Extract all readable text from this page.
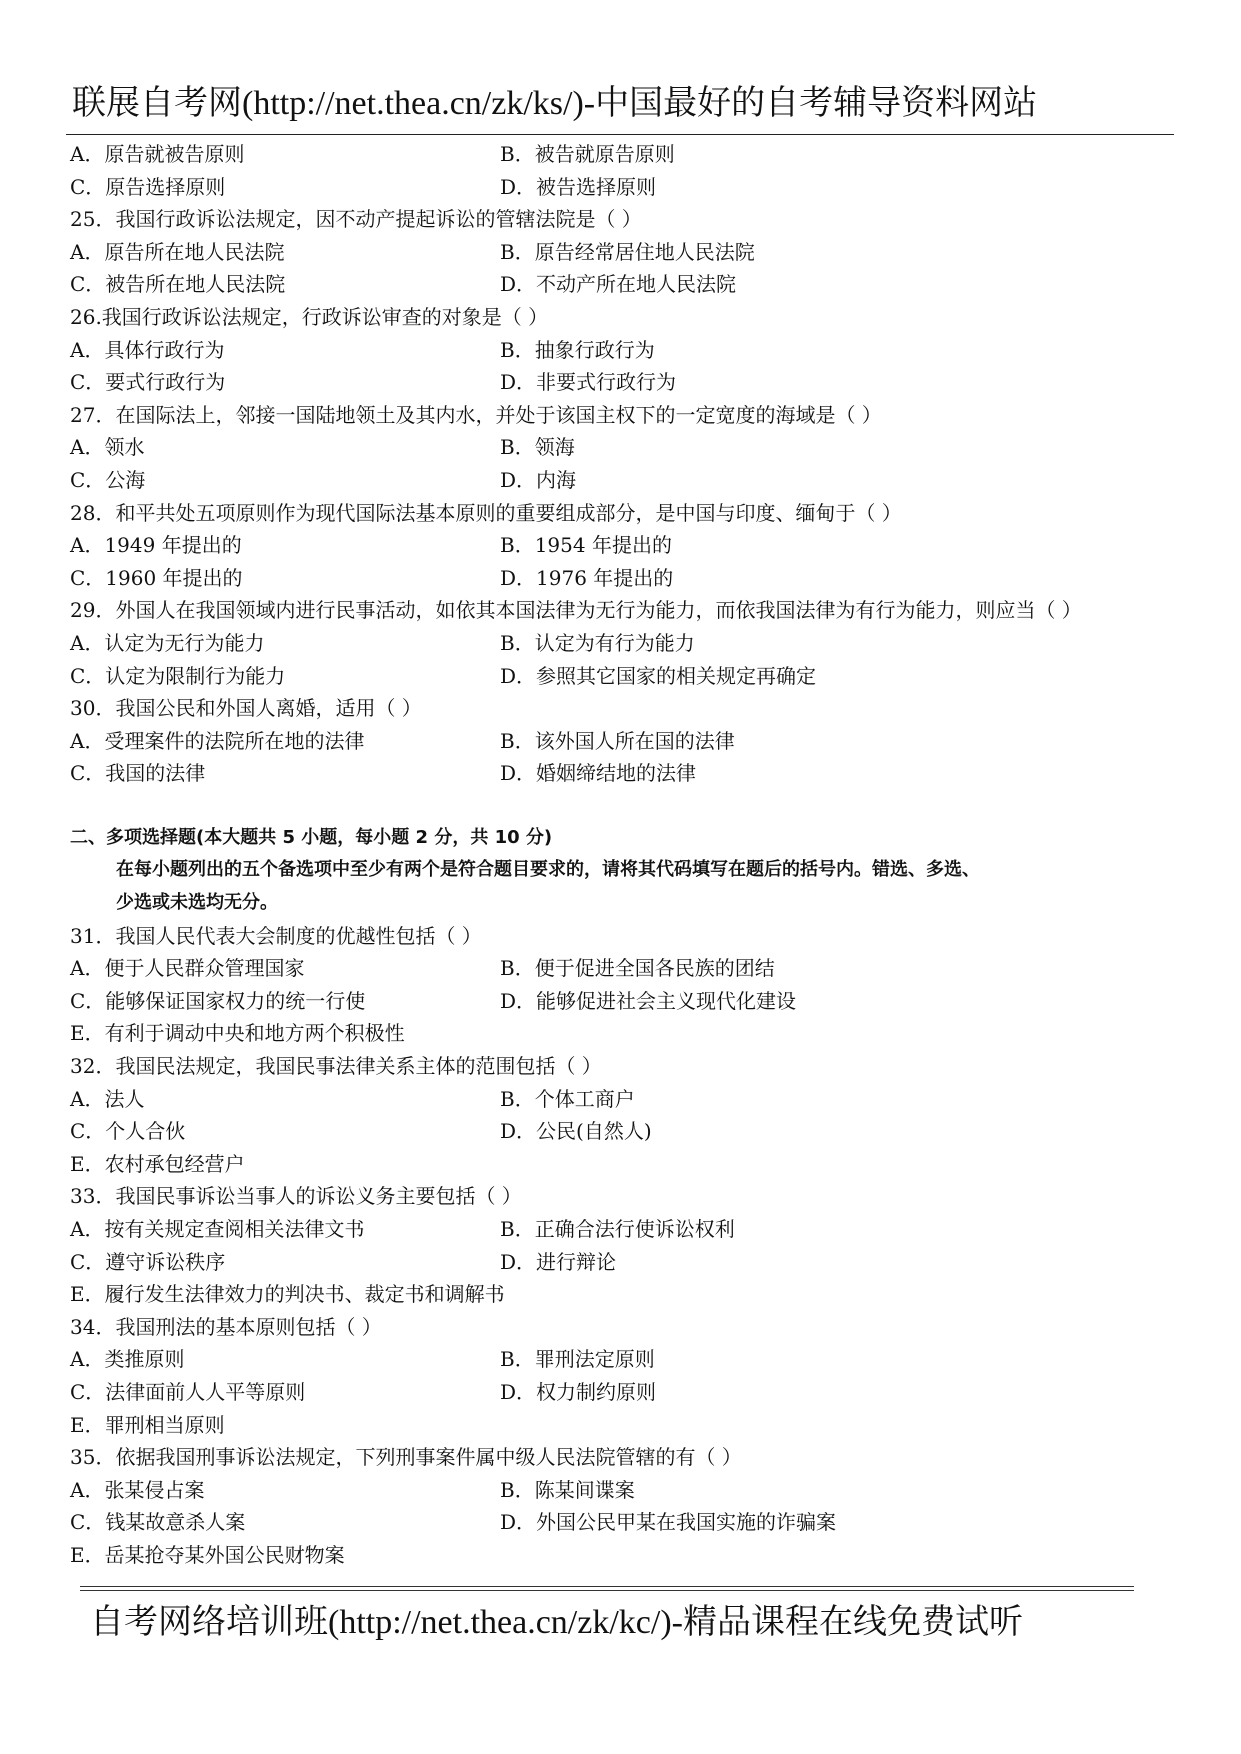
联展自考网(http://net.thea.cn/zk/ks/)-中国最好的自考辅导资料网站
A．原告就被告原则	B．被告就原告原则
C．原告选择原则	D．被告选择原则
25．我国行政诉讼法规定，因不动产提起诉讼的管辖法院是（ ）
A．原告所在地人民法院	B．原告经常居住地人民法院
C．被告所在地人民法院	D．不动产所在地人民法院
26.我国行政诉讼法规定，行政诉讼审查的对象是（ ）
A．具体行政行为	B．抽象行政行为
C．要式行政行为	D．非要式行政行为
27．在国际法上，邻接一国陆地领土及其内水，并处于该国主权下的一定宽度的海域是（ ）
A．领水	B．领海
C．公海	D．内海
28．和平共处五项原则作为现代国际法基本原则的重要组成部分，是中国与印度、缅甸于（ ）
A．1949 年提出的	B．1954 年提出的
C．1960 年提出的	D．1976 年提出的
29．外国人在我国领域内进行民事活动，如依其本国法律为无行为能力，而依我国法律为有行为能力，则应当（ ）
A．认定为无行为能力	B．认定为有行为能力
C．认定为限制行为能力	D．参照其它国家的相关规定再确定
30．我国公民和外国人离婚，适用（ ）
A．受理案件的法院所在地的法律	B．该外国人所在国的法律
C．我国的法律	D．婚姻缔结地的法律
二、多项选择题(本大题共 5 小题，每小题 2 分，共 10 分)
在每小题列出的五个备选项中至少有两个是符合题目要求的，请将其代码填写在题后的括号内。错选、多选、
少选或未选均无分。
31．我国人民代表大会制度的优越性包括（ ）
A．便于人民群众管理国家	B．便于促进全国各民族的团结
C．能够保证国家权力的统一行使	D．能够促进社会主义现代化建设
E．有利于调动中央和地方两个积极性
32．我国民法规定，我国民事法律关系主体的范围包括（ ）
A．法人	B．个体工商户
C．个人合伙	D．公民(自然人)
E．农村承包经营户
33．我国民事诉讼当事人的诉讼义务主要包括（ ）
A．按有关规定查阅相关法律文书	B．正确合法行使诉讼权利
C．遵守诉讼秩序	D．进行辩论
E．履行发生法律效力的判决书、裁定书和调解书
34．我国刑法的基本原则包括（ ）
A．类推原则	B．罪刑法定原则
C．法律面前人人平等原则	D．权力制约原则
E．罪刑相当原则
35．依据我国刑事诉讼法规定，下列刑事案件属中级人民法院管辖的有（ ）
A．张某侵占案	B．陈某间谍案
C．钱某故意杀人案	D．外国公民甲某在我国实施的诈骗案
E．岳某抢夺某外国公民财物案
自考网络培训班(http://net.thea.cn/zk/kc/)-精品课程在线免费试听
